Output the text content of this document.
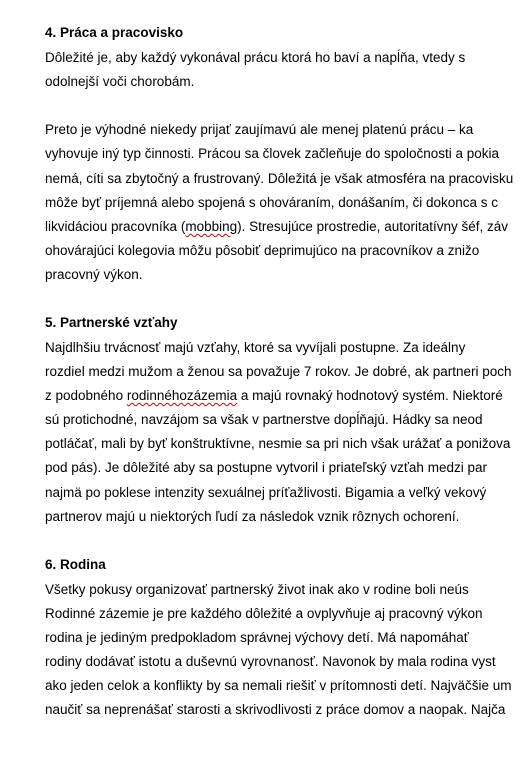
4. Práca a pracovisko
Dôležité je, aby každý vykonával prácu ktorá ho baví a napĺňa, vtedy s
odolnejší voči chorobám.
Preto je výhodné niekedy prijať zaujímavú ale menej platenú prácu – ka
vyhovuje iný typ činnosti. Prácou sa človek začleňuje do spoločnosti a pokia
nemá, cíti sa zbytočný a frustrovaný. Dôležitá je však atmosféra na pracovisku
môže byť príjemná alebo spojená s ohováraním, donášaním, či dokonca s c
likvidáciou pracovníka (mobbing). Stresujúce prostredie, autoritatívny šéf, záv
ohovárajúci kolegovia môžu pôsobiť deprimujúco na pracovníkov a znižo
pracovný výkon.
5. Partnerské vzťahy
Najdlhšiu trvácnosť majú vzťahy, ktoré sa vyvíjali postupne. Za ideálny
rozdiel medzi mužom a ženou sa považuje 7 rokov. Je dobré, ak partneri poch
z podobného rodinnéhozázemia a majú rovnaký hodnotový systém. Niektoré
sú protichodné, navzájom sa však v partnerstve dopĺňajú. Hádky sa neod
potláčať, mali by byť konštruktívne, nesmie sa pri nich však urážať a ponižova
pod pás). Je dôležité aby sa postupne vytvoril i priateľský vzťah medzi par
najmä po poklese intenzity sexuálnej príťažlivosti. Bigamia a veľký vekový
partnerov majú u niektorých ľudí za následok vznik rôznych ochorení.
6. Rodina
Všetky pokusy organizovať partnerský život inak ako v rodine boli neús
Rodinné zázemie je pre každého dôležité a ovplyvňuje aj pracovný výkon
rodina je jediným predpokladom správnej výchovy detí. Má napomáhať
rodiny dodávať istotu a duševnú vyrovnanosť. Navonok by mala rodina vyst
ako jeden celok a konflikty by sa nemali riešiť v prítomnosti detí. Najväčšie um
naučiť sa neprenášať starosti a skrivodlivosti z práce domov a naopak. Najča
